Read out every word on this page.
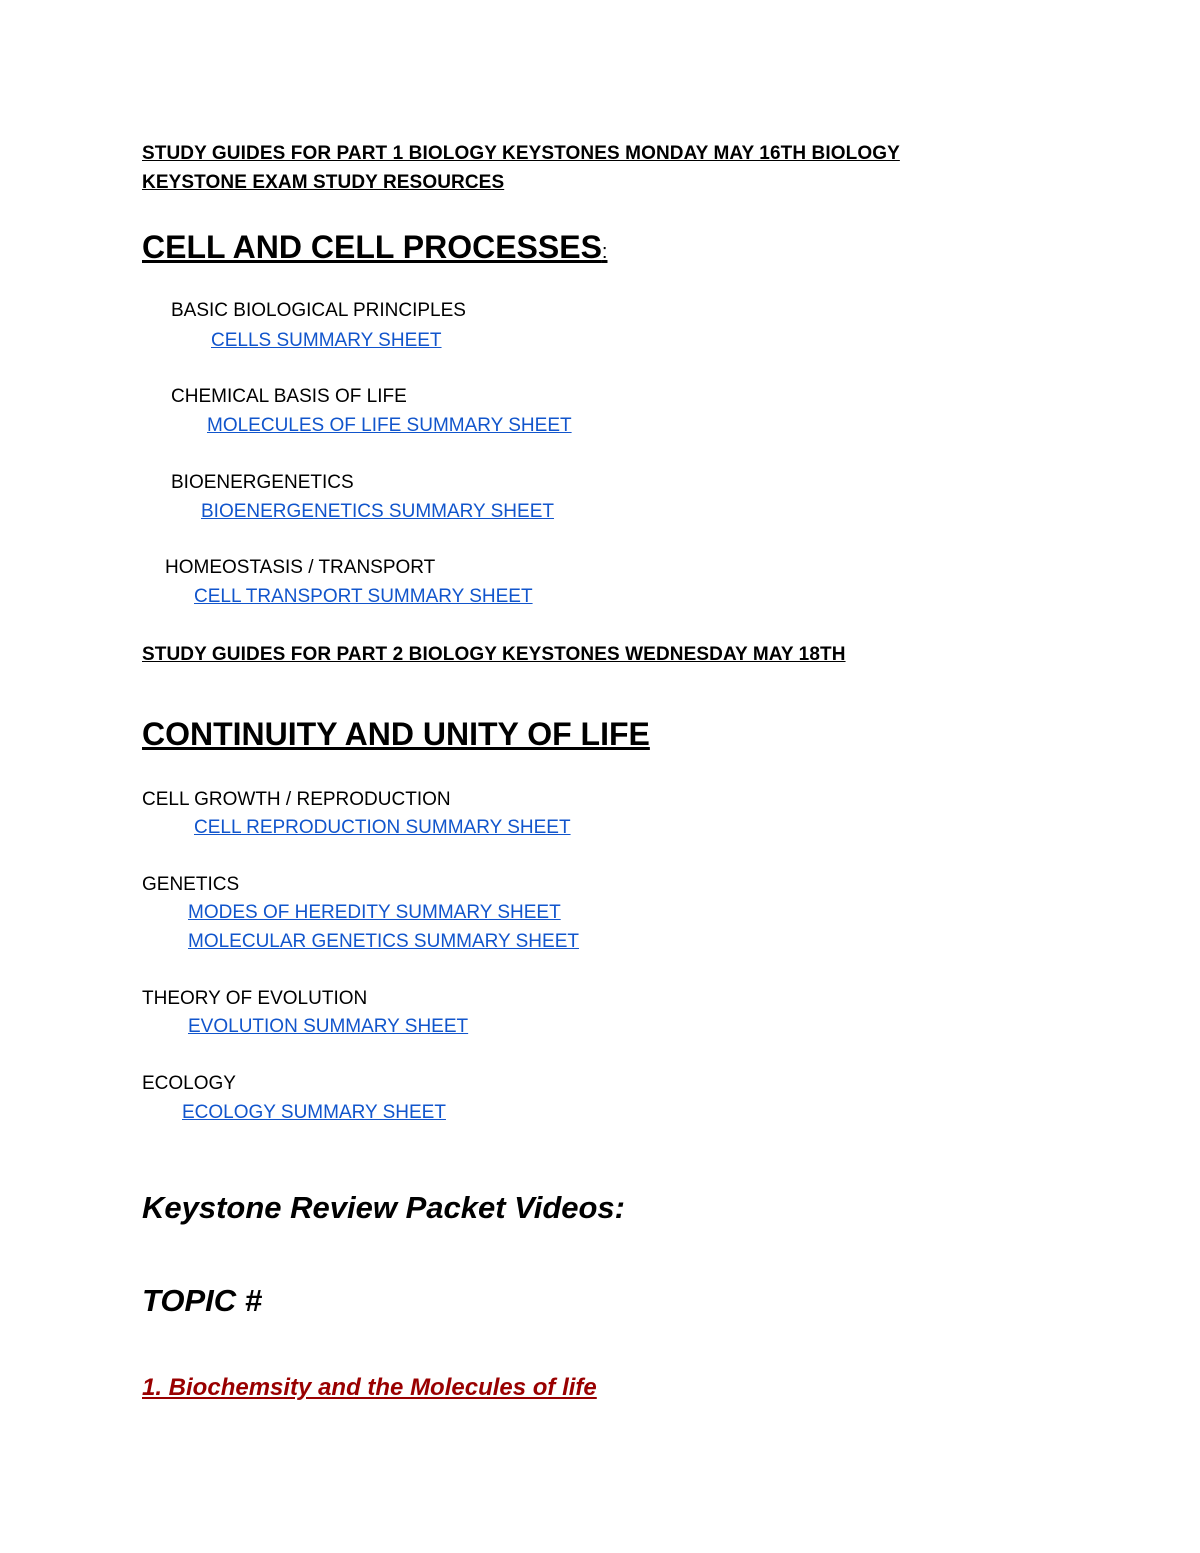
STUDY GUIDES FOR PART 1 BIOLOGY KEYSTONES MONDAY MAY 16TH BIOLOGY
KEYSTONE EXAM STUDY RESOURCES
CELL AND CELL PROCESSES:
BASIC BIOLOGICAL PRINCIPLES
CELLS SUMMARY SHEET
CHEMICAL BASIS OF LIFE
MOLECULES OF LIFE SUMMARY SHEET
BIOENERGENETICS
BIOENERGENETICS SUMMARY SHEET
HOMEOSTASIS / TRANSPORT
CELL TRANSPORT SUMMARY SHEET
STUDY GUIDES FOR PART 2 BIOLOGY KEYSTONES WEDNESDAY MAY 18TH
CONTINUITY AND UNITY OF LIFE
CELL GROWTH / REPRODUCTION
CELL REPRODUCTION SUMMARY SHEET
GENETICS
MODES OF HEREDITY SUMMARY SHEET
MOLECULAR GENETICS SUMMARY SHEET
THEORY OF EVOLUTION
EVOLUTION SUMMARY SHEET
ECOLOGY
ECOLOGY SUMMARY SHEET
Keystone Review Packet Videos:
TOPIC #
1. Biochemsity and the Molecules of life
